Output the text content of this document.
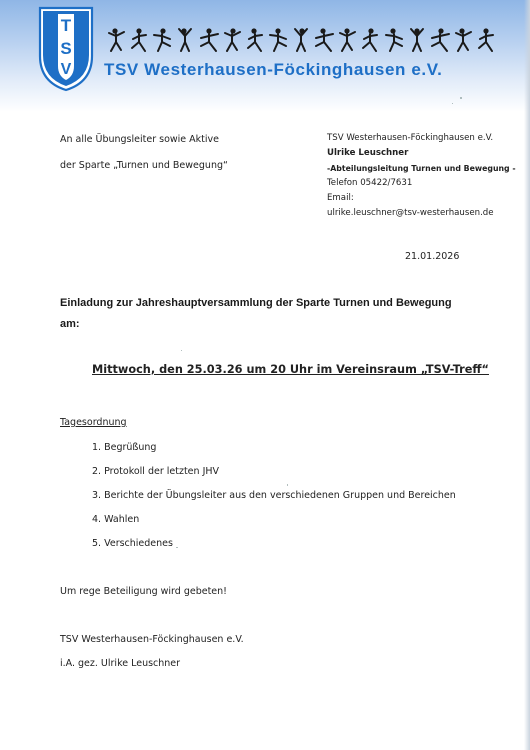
T
S
V TSV Westerhausen-Föckinghausen e.V.
An alle Übungsleiter sowie Aktive
der Sparte „Turnen und Bewegung“
TSV Westerhausen-Föckinghausen e.V.
Ulrike Leuschner
-Abteilungsleitung Turnen und Bewegung -
Telefon 05422/7631
Email:
ulrike.leuschner@tsv-westerhausen.de
21.01.2026
Einladung zur Jahreshauptversammlung der Sparte Turnen und Bewegung
am:
Mittwoch, den 25.03.26 um 20 Uhr im Vereinsraum „TSV-Treff“
Tagesordnung
1. Begrüßung
2. Protokoll der letzten JHV
3. Berichte der Übungsleiter aus den verschiedenen Gruppen und Bereichen
4. Wahlen
5. Verschiedenes
Um rege Beteiligung wird gebeten!
TSV Westerhausen-Föckinghausen e.V.
i.A. gez. Ulrike Leuschner
